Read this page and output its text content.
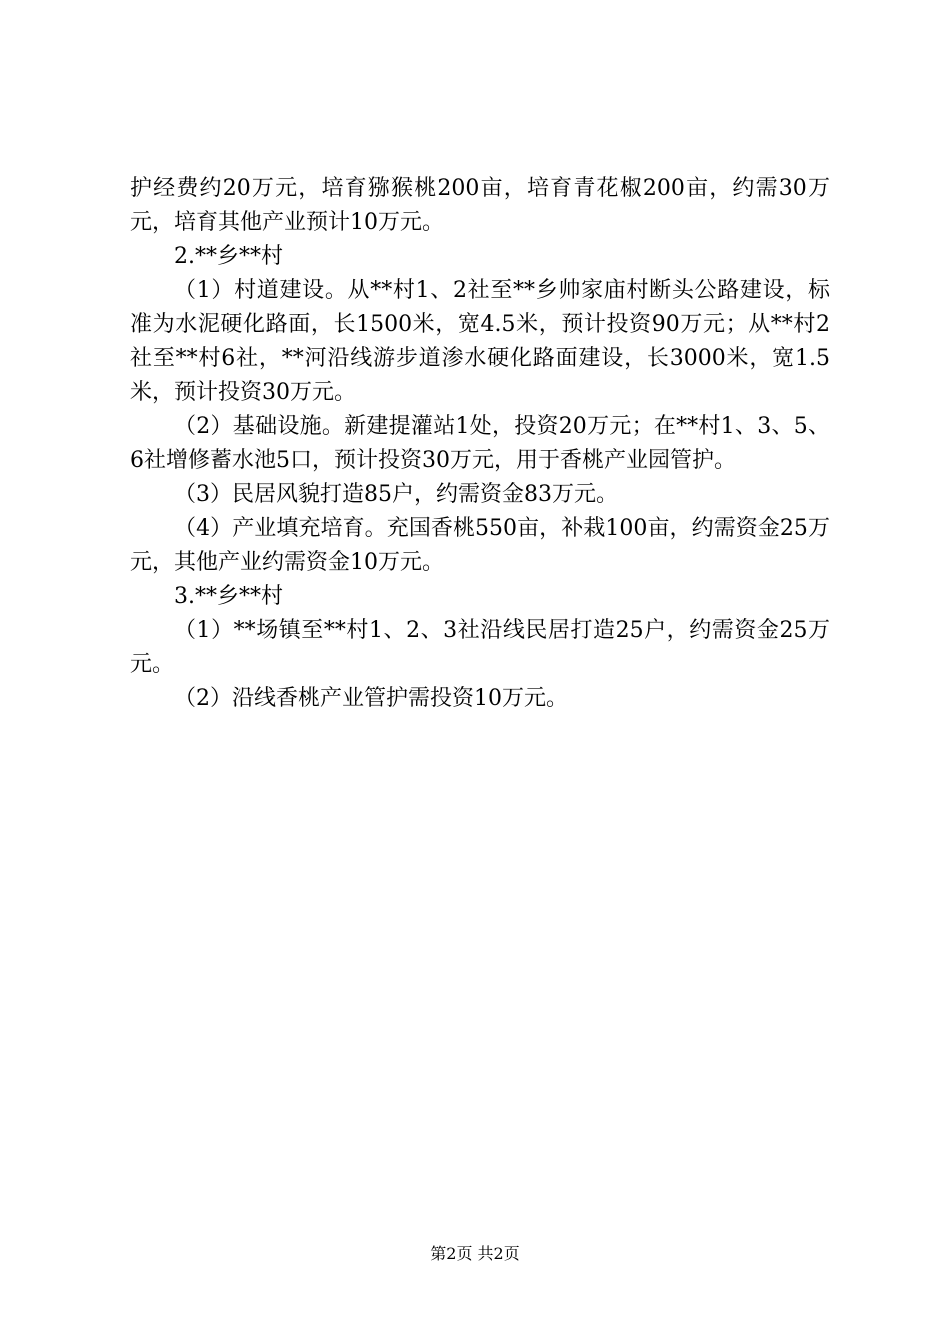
护经费约20万元，培育猕猴桃200亩，培育青花椒200亩，约需30万元，培育其他产业预计10万元。

2.**乡**村

（1）村道建设。从**村1、2社至**乡帅家庙村断头公路建设，标准为水泥硬化路面，长1500米，宽4.5米，预计投资90万元；从**村2社至**村6社，**河沿线游步道渗水硬化路面建设，长3000米，宽1.5米，预计投资30万元。

（2）基础设施。新建提灌站1处，投资20万元；在**村1、3、5、6社增修蓄水池5口，预计投资30万元，用于香桃产业园管护。

（3）民居风貌打造85户，约需资金83万元。

（4）产业填充培育。充国香桃550亩，补栽100亩，约需资金25万元，其他产业约需资金10万元。

3.**乡**村

（1）**场镇至**村1、2、3社沿线民居打造25户，约需资金25万元。

（2）沿线香桃产业管护需投资10万元。

第2页 共2页
